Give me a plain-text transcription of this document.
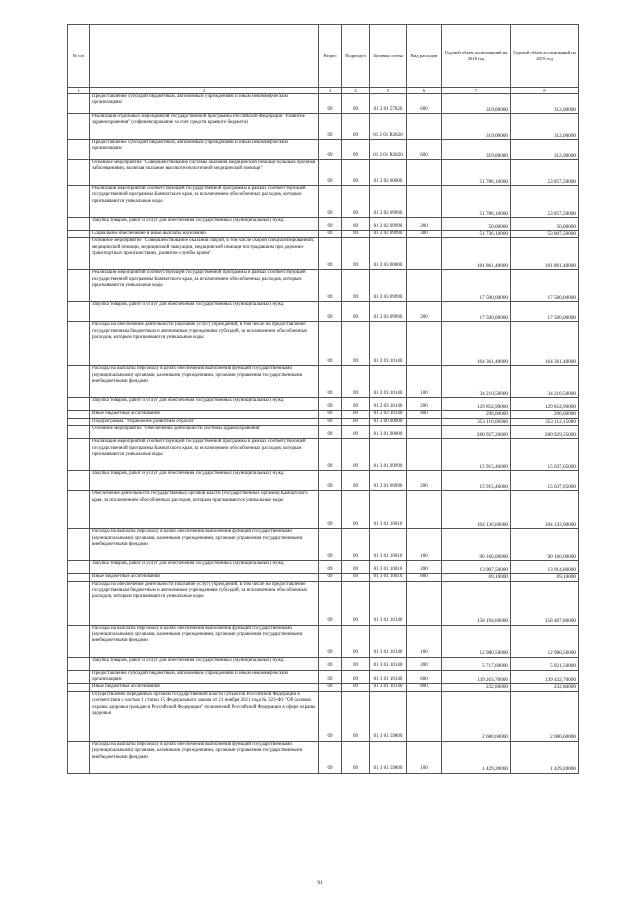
№ п/п		Раздел	Подраздел	Целевая статья	Вид расходов	Годовой объем ассигнований на 2018 год	Годовой объем ассигнований на 2019 год
1	2	3	4	5	6	7	8
	Предоставление субсидий бюджетным, автономным учреждениям и иным некоммерческим организациям	09	09	01 2 01 57820	600	319,00000	312,00000
	Реализация отдельных мероприятий государственной программы Российской Федерации "Развитие здравоохранения" (софинансирование за счет средств краевого бюджета)	09	09	01 2 01 R3820		319,00000	312,00000
	Предоставление субсидий бюджетным, автономным учреждениям и иным некоммерческим организациям	09	09	01 2 01 R3820	600	319,00000	312,00000
	Основное мероприятие "Совершенствование системы оказания медицинской помощи больным прочими заболеваниями, включая оказание высокотехнологичной медицинской помощи"	09	09	01 2 02 00000		51 786,10000	53 857,50000
	Реализация мероприятий соответствующей государственной программы в рамках соответствующей государственной программы Камчатского края, за исключением обособленных расходов, которым присваиваются уникальные коды	09	09	01 2 02 09990		51 786,10000	53 857,50000
	Закупка товаров, работ и услуг для обеспечения государственных (муниципальных) нужд	09	09	01 2 02 09990	200	50,00000	50,00000
	Социальное обеспечение и иные выплаты населению	09	09	01 2 02 09990	300	51 736,10000	53 807,50000
	Основное мероприятие "Совершенствование оказания скорой, в том числе скорой специализированной, медицинской помощи, медицинской эвакуации, медицинской помощи пострадавшим при дорожно-транспортных происшествиях, развитие службы крови"	09	09	01 2 03 00000		181 861,40000	181 861,40000
	Реализация мероприятий соответствующей государственной программы в рамках соответствующей государственной программы Камчатского края, за исключением обособленных расходов, которым присваиваются уникальные коды	09	09	01 2 03 09990		17 500,00000	17 500,00000
	Закупка товаров, работ и услуг для обеспечения государственных (муниципальных) нужд	09	09	01 2 03 09990	200	17 500,00000	17 500,00000
	Расходы на обеспечение деятельности (оказание услуг) учреждений, в том числе на предоставление государственным бюджетным и автономным учреждениям субсидий, за исключением обособленных расходов, которым присваиваются уникальные коды	09	09	01 2 03 10140		164 361,40000	164 361,40000
	Расходы на выплаты персоналу в целях обеспечения выполнения функций государственными (муниципальными) органами, казенными учреждениями, органами управления государственными внебюджетными фондами	09	09	01 2 03 10140	100	34 210,50000	34 210,50000
	Закупка товаров, работ и услуг для обеспечения государственных (муниципальных) нужд	09	09	01 2 03 10140	200	129 854,90000	129 854,90000
	Иные бюджетные ассигнования	09	09	01 2 03 10140	800	296,00000	296,00000
	Подпрограмма "Управление развитием отрасли"	09	09	01 3 00 00000		353 110,06000	353 112,15000
	Основное мероприятие "Обеспечение деятельности системы здравоохранения"	09	09	01 3 01 00000		280 927,26000	280 929,35000
	Реализация мероприятий соответствующей государственной программы в рамках соответствующей государственной программы Камчатского края, за исключением обособленных расходов, которым присваиваются уникальные коды	09	09	01 3 01 09990		15 915,46000	15 637,05000
	Закупка товаров, работ и услуг для обеспечения государственных (муниципальных) нужд	09	09	01 3 01 09990	200	15 915,46000	15 637,05000
	Обеспечение деятельности государственных органов власти (государственных органов) Камчатского края, за исключением обособленных расходов, которым присваиваются уникальные коды	09	09	01 3 01 10010		104 136,60000	104 143,90000
	Расходы на выплаты персоналу в целях обеспечения выполнения функций государственными (муниципальными) органами, казенными учреждениями, органами управления государственными внебюджетными фондами	09	09	01 3 01 10010	100	90 160,00000	90 160,00000
	Закупка товаров, работ и услуг для обеспечения государственных (муниципальных) нужд	09	09	01 3 01 10010	200	13 907,50000	13 914,80000
	Иные бюджетные ассигнования	09	09	01 3 01 10010	800	69,10000	69,10000
	Расходы на обеспечение деятельности (оказание услуг) учреждений, в том числе на предоставление государственным бюджетным и автономным учреждениям субсидий, за исключением обособленных расходов, которым присваиваются уникальные коды	09	09	01 3 01 10140		158 194,60000	158 467,80000
	Расходы на выплаты персоналу в целях обеспечения выполнения функций государственными (муниципальными) органами, казенными учреждениями, органами управления государственными внебюджетными фондами	09	09	01 3 01 10140	100	12 980,50000	12 980,50000
	Закупка товаров, работ и услуг для обеспечения государственных (муниципальных) нужд	09	09	01 3 01 10140	200	5 717,60000	5 821,50000
	Предоставление субсидий бюджетным, автономным учреждениям и иным некоммерческим организациям	09	09	01 3 01 10140	600	139 263,70000	139 432,70000
	Иные бюджетные ассигнования	09	09	01 3 01 10140	800	232,80000	232,80000
	Осуществление переданных органам государственной власти субъектов Российской Федерации в соответствии с частью 1 статьи 15 Федерального закона от 21 ноября 2011 года № 323-ФЗ "Об основах охраны здоровья граждан в Российской Федерации" полномочий Российской Федерации в сфере охраны здоровья	09	09	01 3 01 59800		2 680,60000	2 680,60000
	Расходы на выплаты персоналу в целях обеспечения выполнения функций государственными (муниципальными) органами, казенными учреждениями, органами управления государственными внебюджетными фондами	09	09	01 3 01 59800	100	1 429,20000	1 429,20000
91
